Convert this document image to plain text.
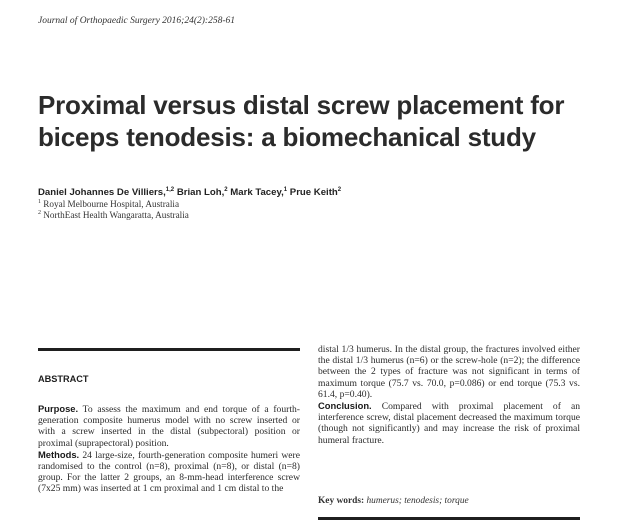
Journal of Orthopaedic Surgery 2016;24(2):258-61
Proximal versus distal screw placement for
biceps tenodesis: a biomechanical study
Daniel Johannes De Villiers,$^{1,2}$ Brian Loh,$^2$ Mark Tacey,$^1$ Prue Keith$^2$
$^1$ Royal Melbourne Hospital, Australia
$^2$ NorthEast Health Wangaratta, Australia
ABSTRACT

Purpose. To assess the maximum and end torque of a fourth-generation composite humerus model with no screw inserted or with a screw inserted in the distal (subpectoral) position or proximal (suprapectoral) position.

Methods. 24 large-size, fourth-generation composite humeri were randomised to the control (n=8), proximal (n=8), or distal (n=8) group. For the latter 2 groups, an 8-mm-head interference screw (7x25 mm) was inserted at 1 cm proximal and 1 cm distal to the

distal 1/3 humerus. In the distal group, the fractures involved either the distal 1/3 humerus (n=6) or the screw-hole (n=2); the difference between the 2 types of fracture was not significant in terms of maximum torque (75.7 vs. 70.0, p=0.086) or end torque (75.3 vs. 61.4, p=0.40).

Conclusion. Compared with proximal placement of an interference screw, distal placement decreased the maximum torque (though not significantly) and may increase the risk of proximal humeral fracture.

Key words: humerus; tenodesis; torque
